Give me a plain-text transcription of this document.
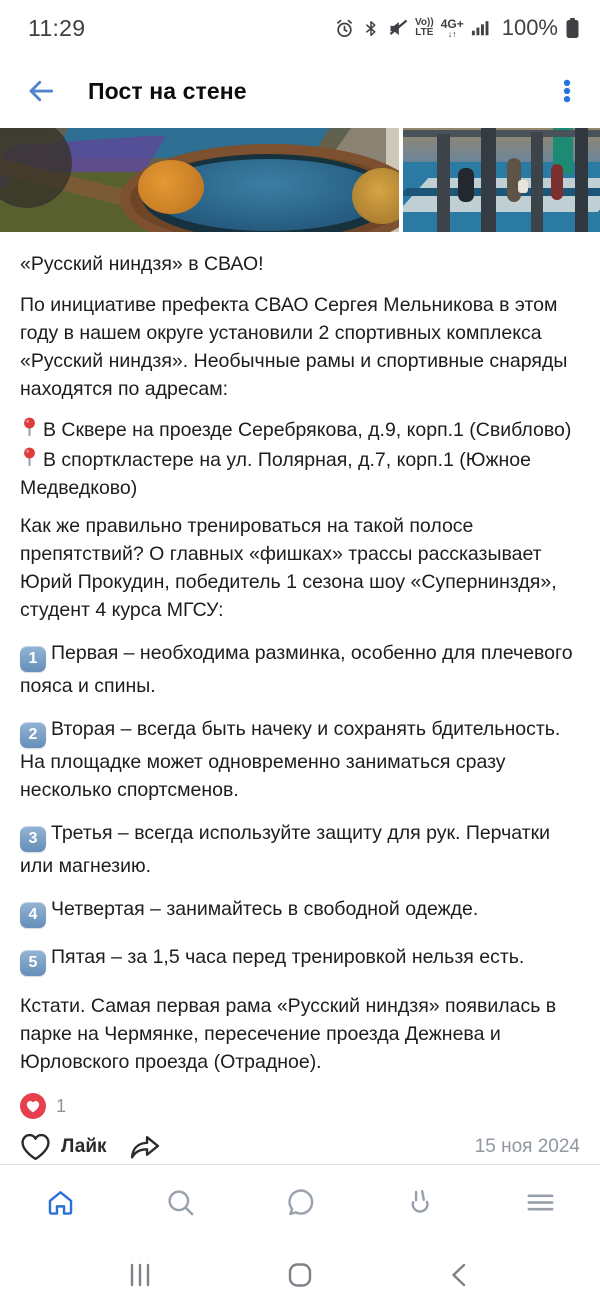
11:29	Vo))
LTE
4G+
↓↑ 100%
Пост на стене

«Русский ниндзя» в СВАО!

По инициативе префекта СВАО Сергея Мельникова в этом году в нашем округе установили 2 спортивных комплекса «Русский ниндзя». Необычные рамы и спортивные снаряды находятся по адресам:

В Сквере на проезде Серебрякова, д.9, корп.1 (Свиблово)
В спорткластере на ул. Полярная, д.7, корп.1 (Южное Медведково)

Как же правильно тренироваться на такой полосе препятствий? О главных «фишках» трассы рассказывает Юрий Прокудин, победитель 1 сезона шоу «Супернинздя», студент 4 курса МГСУ:

1 Первая – необходима разминка, особенно для плечевого пояса и спины.
2 Вторая – всегда быть начеку и сохранять бдительность. На площадке может одновременно заниматься сразу несколько спортсменов.
3 Третья – всегда используйте защиту для рук. Перчатки или магнезию.
4 Четвертая – занимайтесь в свободной одежде.
5 Пятая – за 1,5 часа перед тренировкой нельзя есть.

Кстати. Самая первая рама «Русский ниндзя» появилась в парке на Чермянке, пересечение проезда Дежнева и Юрловского проезда (Отрадное).

1
Лайк	15 ноя 2024
